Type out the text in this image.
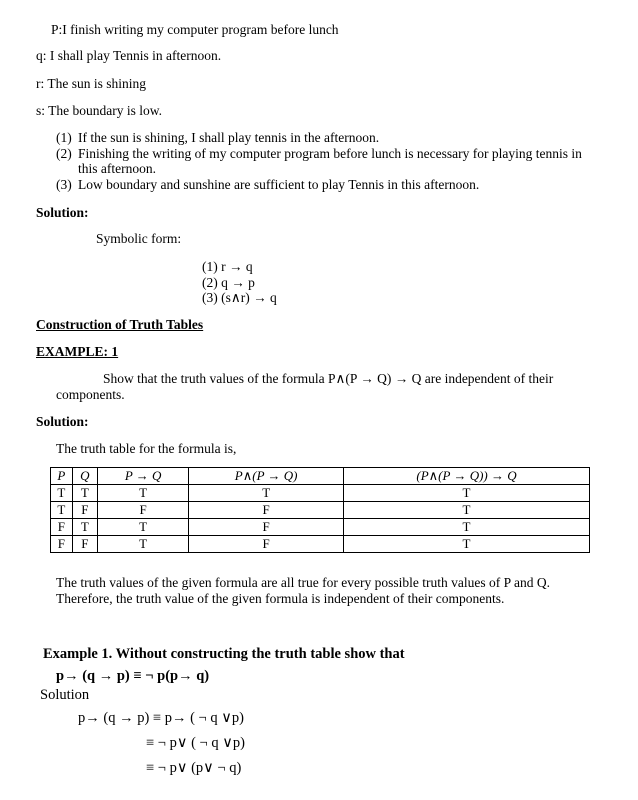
P:I finish writing my computer program before lunch
q: I shall play Tennis in afternoon.
r: The sun is shining
s: The boundary is low.
(1) If the sun is shining, I shall play tennis in the afternoon.
(2) Finishing the writing of my computer program before lunch is necessary for playing tennis in this afternoon.
(3) Low boundary and sunshine are sufficient to play Tennis in this afternoon.
Solution:
Symbolic form:
(1) r → q
(2) q → p
(3) (s∧r) → q
Construction of Truth Tables
EXAMPLE: 1
Show that the truth values of the formula P∧(P → Q) → Q are independent of their
components.
Solution:
The truth table for the formula is,
P	Q	P → Q	P∧(P → Q)	(P∧(P → Q)) → Q
T	T	T	T	T
T	F	F	F	T
F	T	T	F	T
F	F	T	F	T
The truth values of the given formula are all true for every possible truth values of P and Q. Therefore, the truth value of the given formula is independent of their components.
Example 1. Without constructing the truth table show that
p→ (q → p) ≡ ¬ p(p→ q)
Solution
p→ (q → p) ≡ p→ ( ¬ q ∨p)
≡ ¬ p∨ ( ¬ q ∨p)
≡ ¬ p∨ (p∨ ¬ q)
